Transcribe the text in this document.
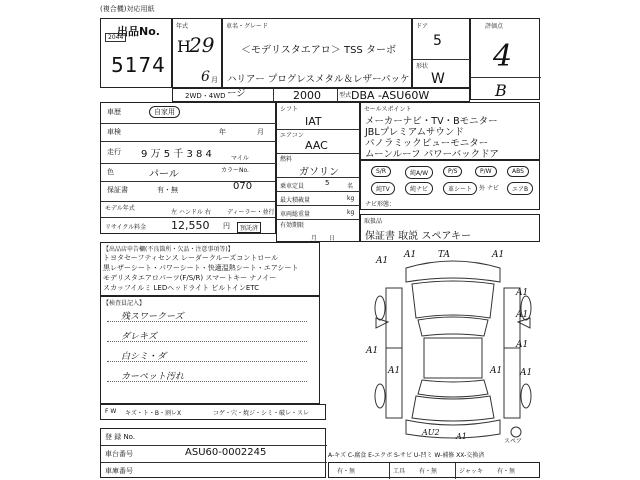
(複合機)対応用紙
出品No.
2044
5174
年式
H
29
6 月
車名・グレード
＜モデリスタエアロ＞ TSS ターボ
ハリアー プログレスメタル＆レザーパッケージ
ドア
5
形状
W
評価点
4
B
2WD・4WD	2000	型式 DBA -ASU60W
車歴	自家用
車検	年	月
走行 9 万 5 千 3 8 4	マイル
色	パール	カラーNo.
保証書	有・無	070
モデル年式
左 ハンドル 右	ディーラー・並行
リサイクル料金 12,550 円	預託済
シフト
IAT
エアコン
AAC
燃料
ガソリン
乗車定員	5	名
最大積載量	kg
車両総重量	kg
有効期限
月日
セールスポイント
メーカーナビ・TV・Bモニター
JBLプレミアムサウンド
パノラミックビューモニター
ムーンルーフ パワーバックドア
S/R	純A/W	P/S	P/W	ABS
純TV	純ナビ	革シート	外 ナビ	エアB
ナビ形態：
取扱品
保証書 取説 スペアキー
【出品店申告欄(不良箇所・欠品・注意事項等)】
トヨタセーフティセンス レーダークルーズコントロール
黒レザーシート・パワーシート・快適温熱シート・エアシート
モデリスタエアロパーツ(F/S/R) スマートキー ナノイー
スカッフイルミ LEDヘッドライト ビルトインETC
【検査員記入】
残スワークーズ
ダレキズ
白シミ・ダ
カーペット汚れ
F W キズ・ト・B・割レX	コゲ・穴・焼ジ・シミ・破レ・スレ
登 録 No.
車台番号	ASU60-0002245
車庫番号
A1
A1 TA	A1
A1
A1
A1
A1
A1	A1 A1
AU2 A1
スペア
A-キズ C-腐食 E-エクボ S-サビ U-凹ミ W-補修 XX-交換済
有・無	工具 有・無	ジャッキ 有・無
